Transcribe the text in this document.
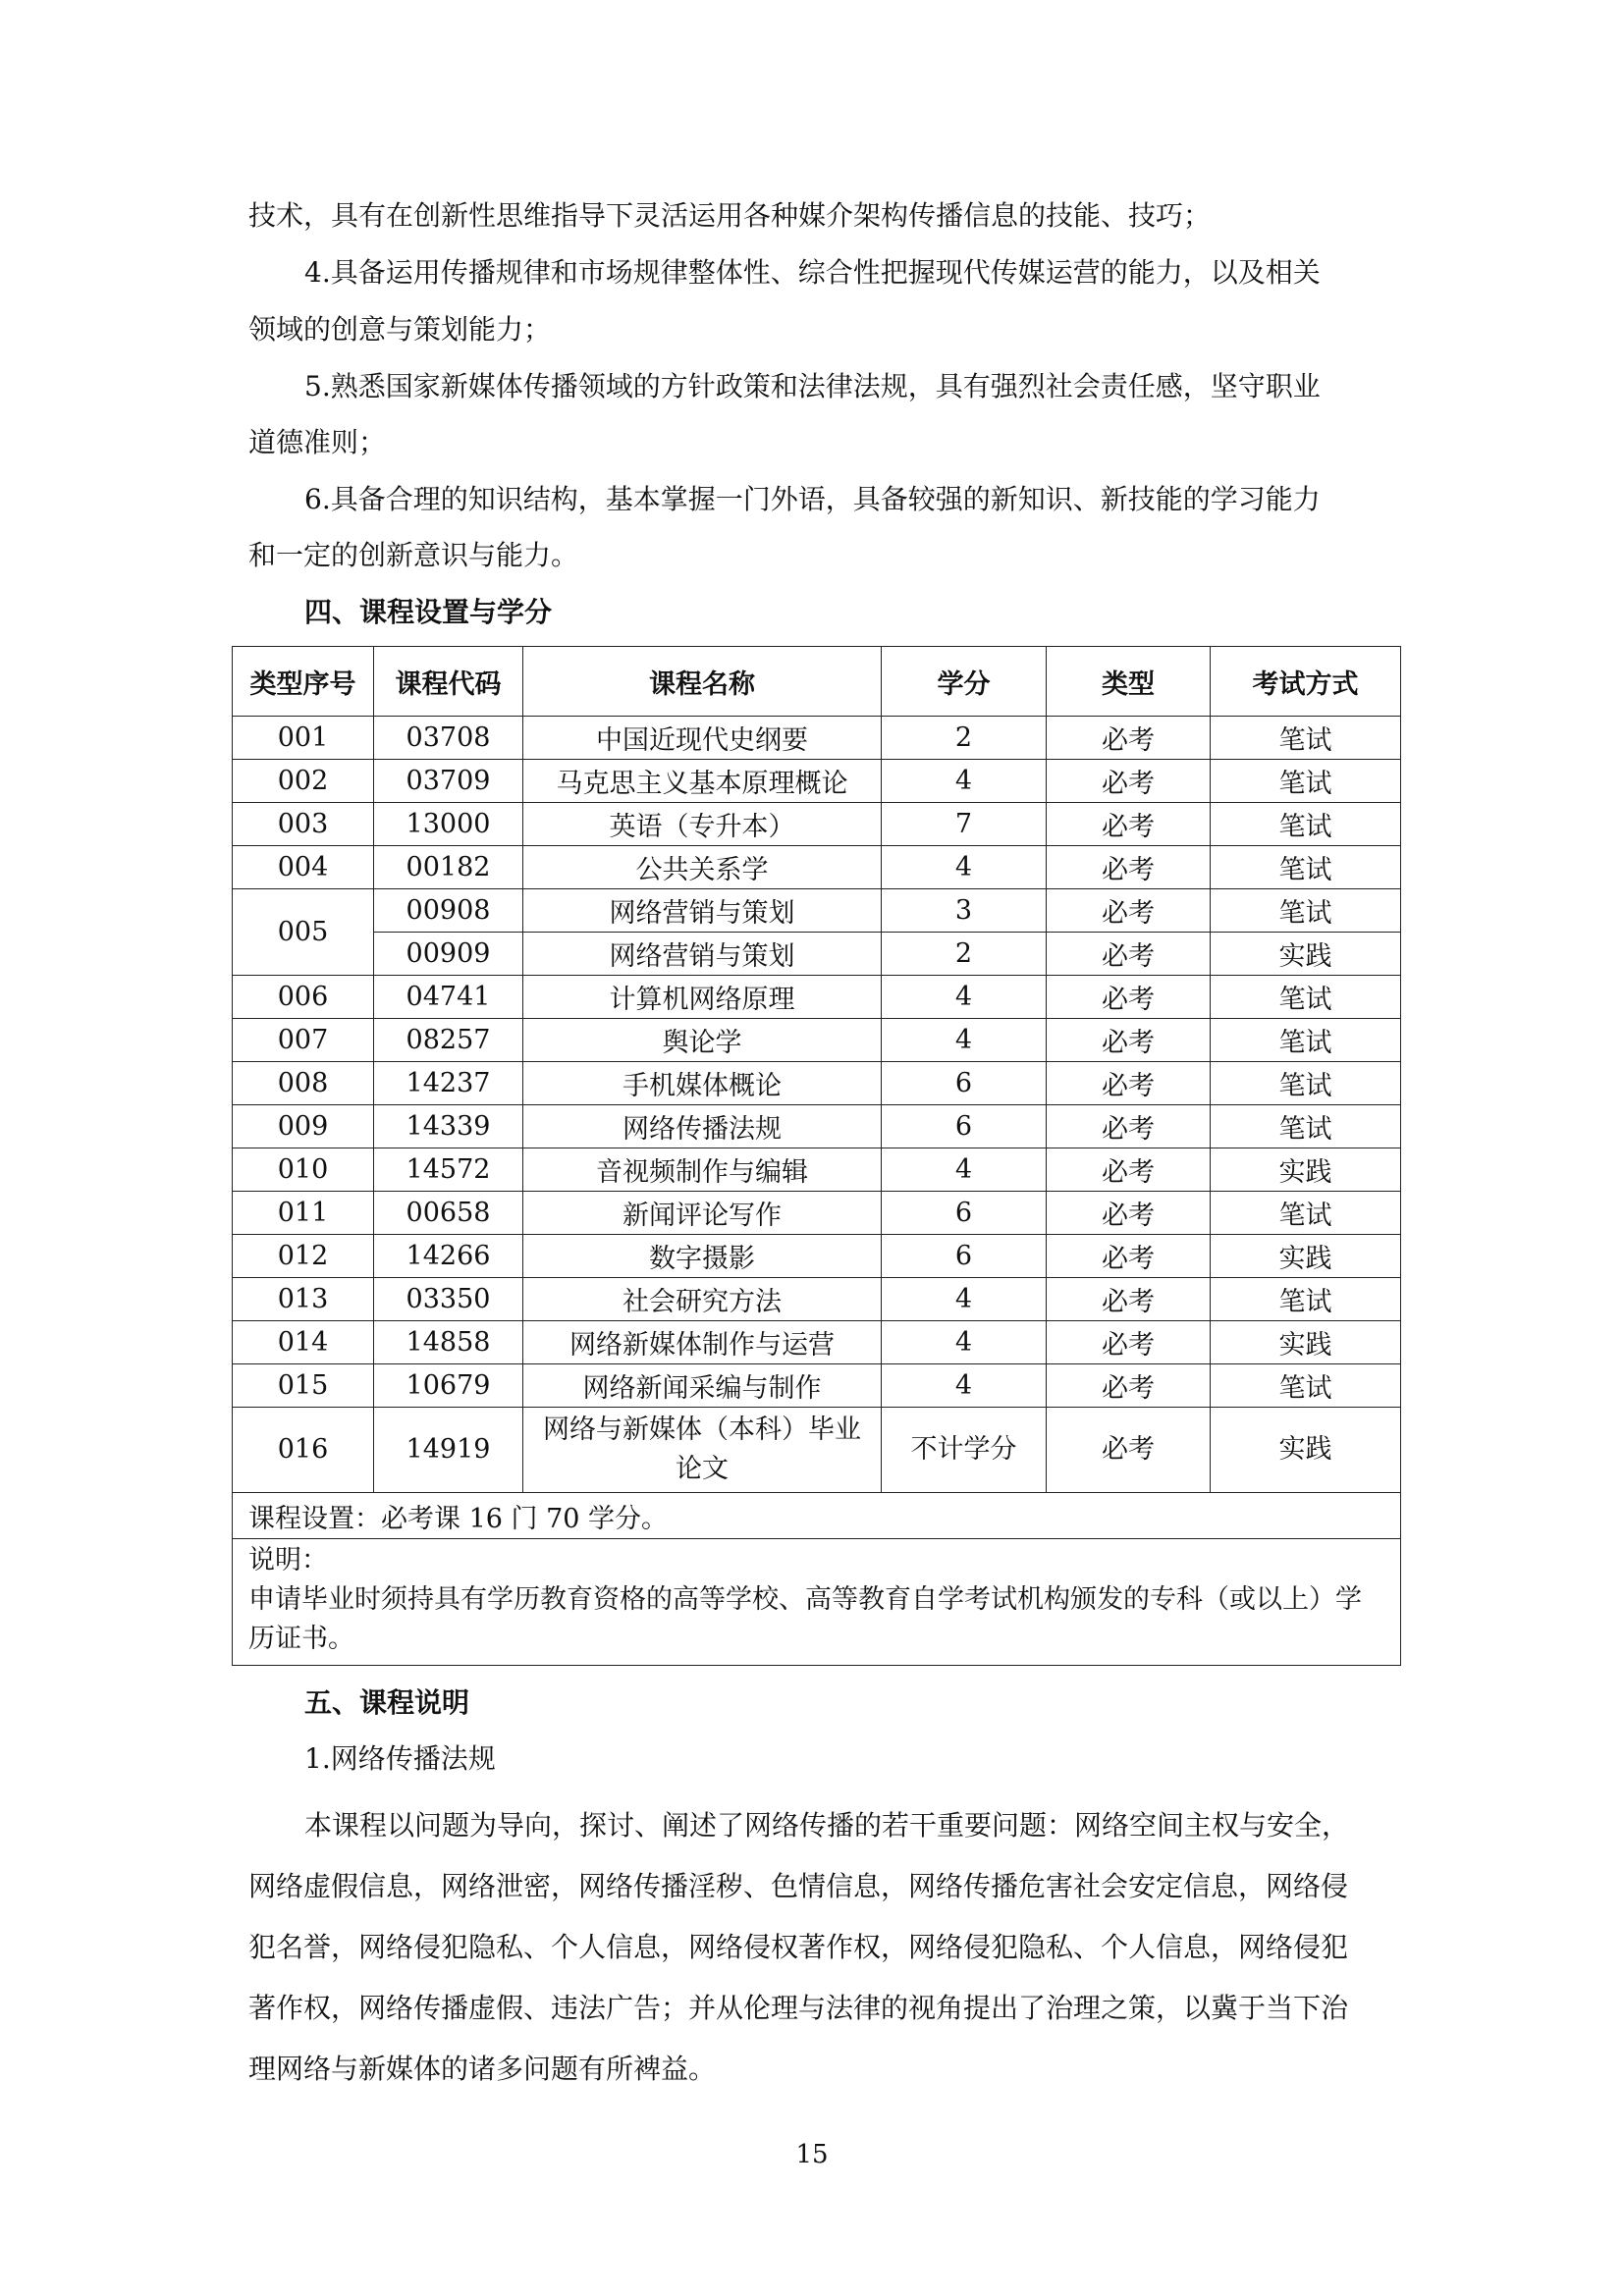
技术，具有在创新性思维指导下灵活运用各种媒介架构传播信息的技能、技巧；
4.具备运用传播规律和市场规律整体性、综合性把握现代传媒运营的能力，以及相关
领域的创意与策划能力；
5.熟悉国家新媒体传播领域的方针政策和法律法规，具有强烈社会责任感，坚守职业
道德准则；
6.具备合理的知识结构，基本掌握一门外语，具备较强的新知识、新技能的学习能力
和一定的创新意识与能力。
四、课程设置与学分
类型序号	课程代码	课程名称	学分	类型	考试方式
001	03708	中国近现代史纲要	2	必考	笔试
002	03709	马克思主义基本原理概论	4	必考	笔试
003	13000	英语（专升本）	7	必考	笔试
004	00182	公共关系学	4	必考	笔试
005	00908	网络营销与策划	3	必考	笔试
	00909	网络营销与策划	2	必考	实践
006	04741	计算机网络原理	4	必考	笔试
007	08257	舆论学	4	必考	笔试
008	14237	手机媒体概论	6	必考	笔试
009	14339	网络传播法规	6	必考	笔试
010	14572	音视频制作与编辑	4	必考	实践
011	00658	新闻评论写作	6	必考	笔试
012	14266	数字摄影	6	必考	实践
013	03350	社会研究方法	4	必考	笔试
014	14858	网络新媒体制作与运营	4	必考	实践
015	10679	网络新闻采编与制作	4	必考	笔试
016	14919	网络与新媒体（本科）毕业
论文	不计学分	必考	实践
课程设置：必考课 16 门 70 学分。					

说明：
申请毕业时须持具有学历教育资格的高等学校、高等教育自学考试机构颁发的专科（或以上）学
历证书。					
五、课程说明
1.网络传播法规
本课程以问题为导向，探讨、阐述了网络传播的若干重要问题：网络空间主权与安全，
网络虚假信息，网络泄密，网络传播淫秽、色情信息，网络传播危害社会安定信息，网络侵
犯名誉，网络侵犯隐私、个人信息，网络侵权著作权，网络侵犯隐私、个人信息，网络侵犯
著作权，网络传播虚假、违法广告；并从伦理与法律的视角提出了治理之策，以冀于当下治
理网络与新媒体的诸多问题有所裨益。
15
